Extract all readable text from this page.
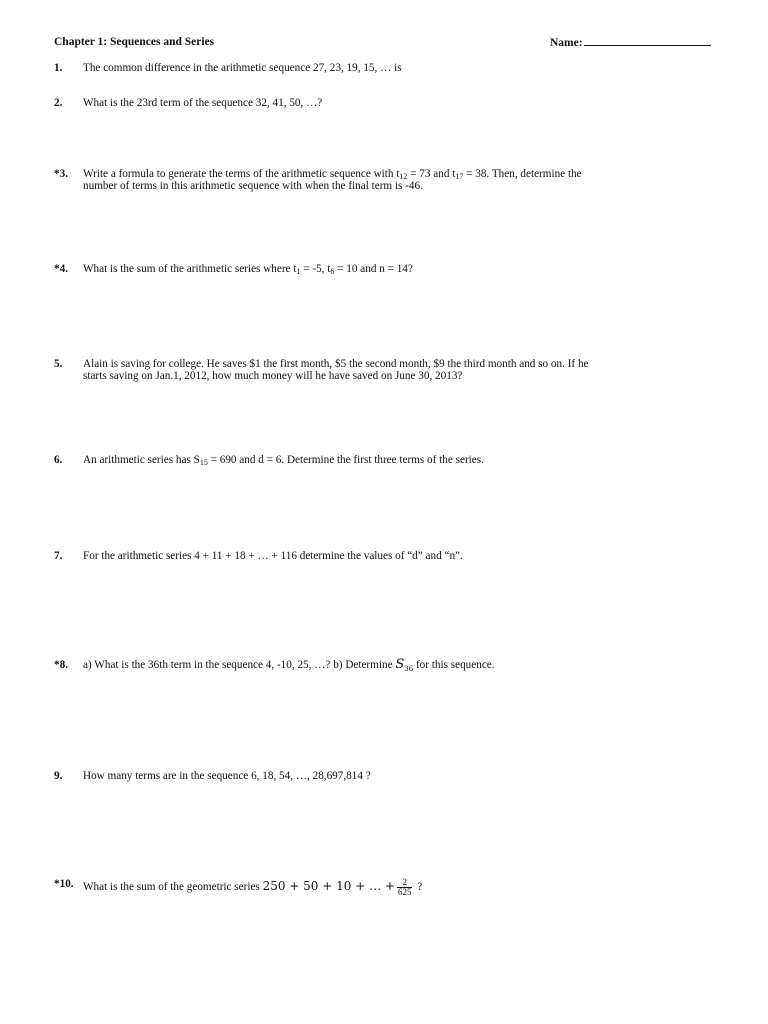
Chapter 1: Sequences and Series	Name:
1. The common difference in the arithmetic sequence 27, 23, 19, 15, … is
2. What is the 23rd term of the sequence 32, 41, 50, …?
*3. Write a formula to generate the terms of the arithmetic sequence with $t_{12} = 73$ and $t_{17} = 38$. Then, determine the
number of terms in this arithmetic sequence with when the final term is -46.
*4. What is the sum of the arithmetic series where $t_1 = -5$, $t_6 = 10$ and n = 14?
5. Alain is saving for college. He saves $1 the first month, $5 the second month, $9 the third month and so on. If he
starts saving on Jan.1, 2012, how much money will he have saved on June 30, 2013?
6. An arithmetic series has $S_{15} = 690$ and d = 6. Determine the first three terms of the series.
7. For the arithmetic series 4 + 11 + 18 + … + 116 determine the values of “d” and “n”.
*8. a) What is the 36th term in the sequence 4, -10, 25, …? b) Determine $S_{36}$ for this sequence.
9. How many terms are in the sequence 6, 18, 54, …, 28,697,814 ?
*10. What is the sum of the geometric series 250 + 50 + 10 + … + $\frac{2}{625}$ ?
